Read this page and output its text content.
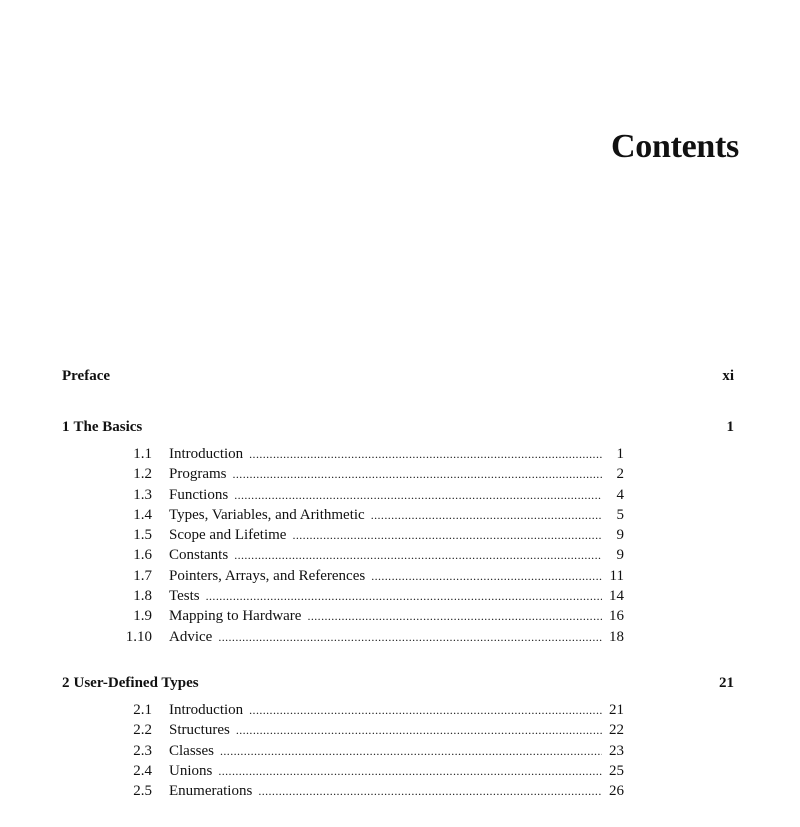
Contents
Preface	xi
1 The Basics	1
1.1 Introduction .....	1
1.2 Programs .....	2
1.3 Functions .....	4
1.4 Types, Variables, and Arithmetic .....	5
1.5 Scope and Lifetime .....	9
1.6 Constants .....	9
1.7 Pointers, Arrays, and References .....	11
1.8 Tests .....	14
1.9 Mapping to Hardware .....	16
1.10 Advice .....	18
2 User-Defined Types	21
2.1 Introduction .....	21
2.2 Structures .....	22
2.3 Classes .....	23
2.4 Unions .....	25
2.5 Enumerations .....	26
